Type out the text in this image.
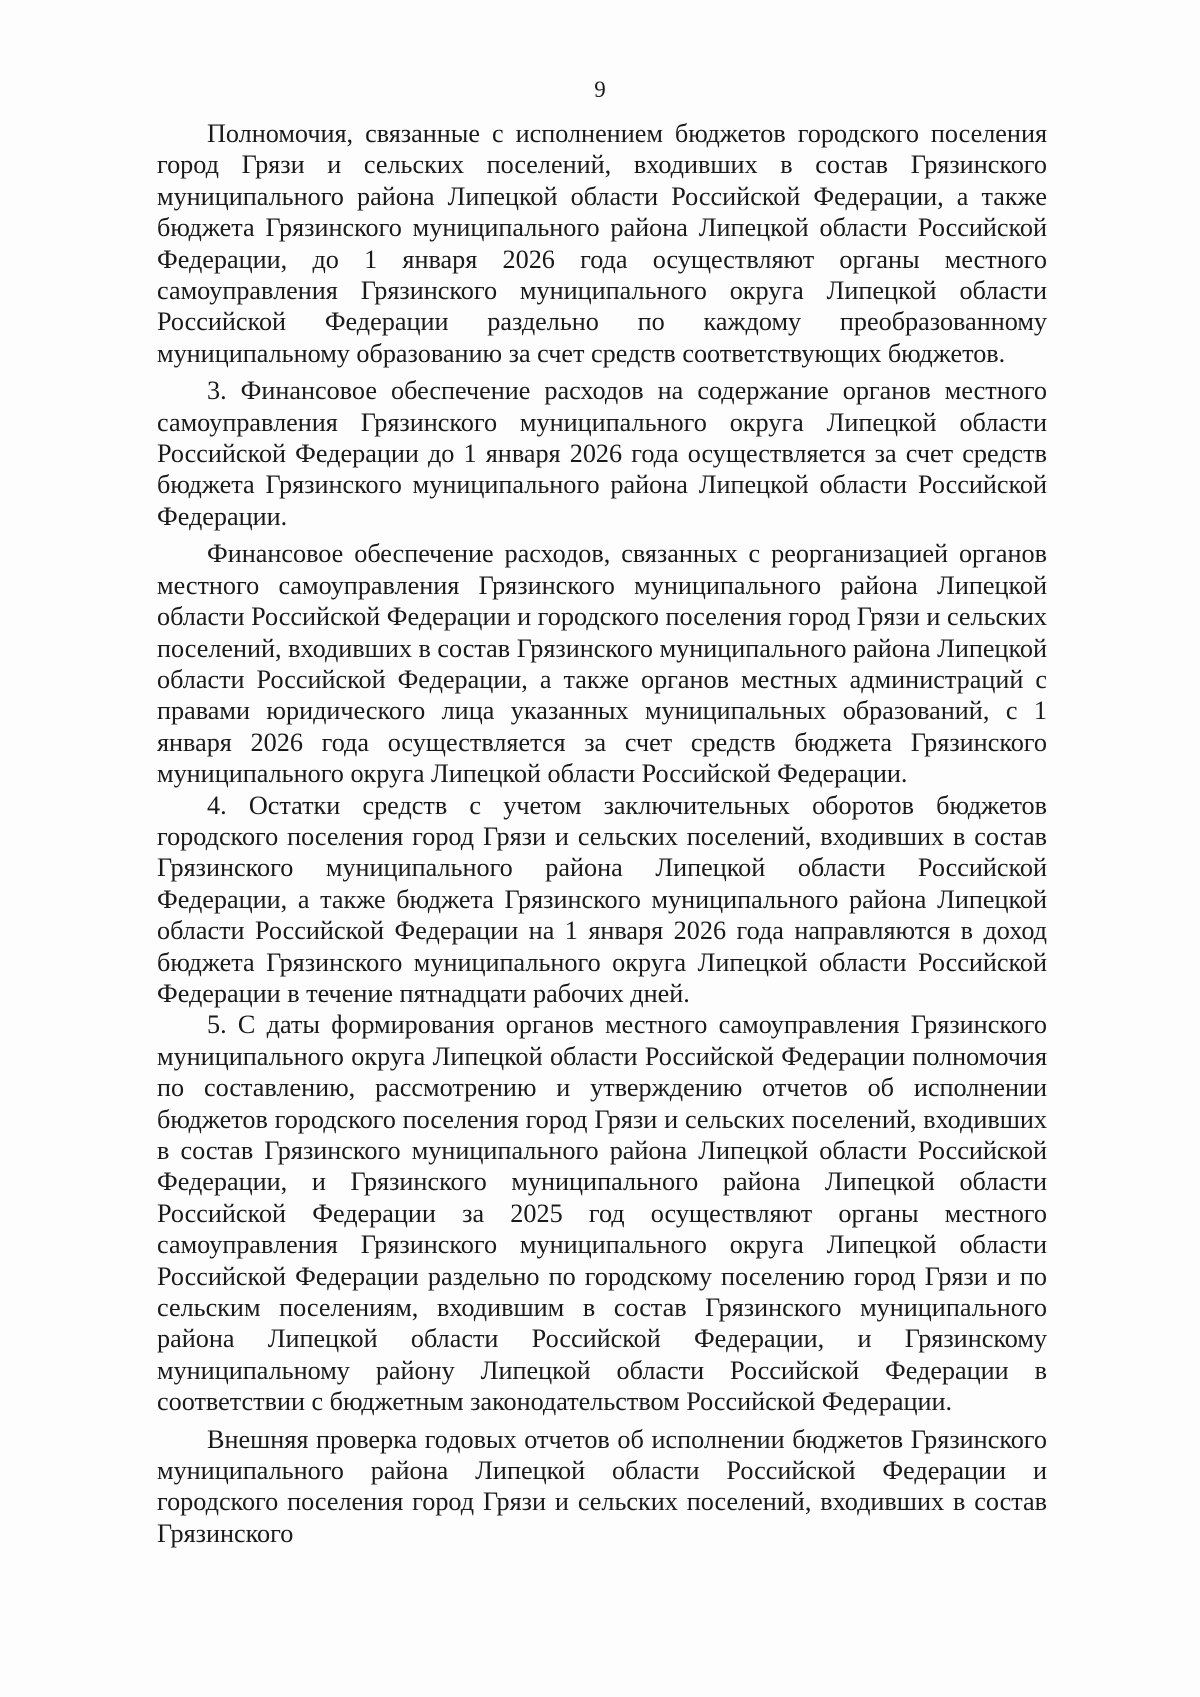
9

Полномочия, связанные с исполнением бюджетов городского поселения город Грязи и сельских поселений, входивших в состав Грязинского муниципального района Липецкой области Российской Федерации, а также бюджета Грязинского муниципального района Липецкой области Российской Федерации, до 1 января 2026 года осуществляют органы местного самоуправления Грязинского муниципального округа Липецкой области Российской Федерации раздельно по каждому преобразованному муниципальному образованию за счет средств соответствующих бюджетов.

3. Финансовое обеспечение расходов на содержание органов местного самоуправления Грязинского муниципального округа Липецкой области Российской Федерации до 1 января 2026 года осуществляется за счет средств бюджета Грязинского муниципального района Липецкой области Российской Федерации.

Финансовое обеспечение расходов, связанных с реорганизацией органов местного самоуправления Грязинского муниципального района Липецкой области Российской Федерации и городского поселения город Грязи и сельских поселений, входивших в состав Грязинского муниципального района Липецкой области Российской Федерации, а также органов местных администраций с правами юридического лица указанных муниципальных образований, с 1 января 2026 года осуществляется за счет средств бюджета Грязинского муниципального округа Липецкой области Российской Федерации.

4. Остатки средств с учетом заключительных оборотов бюджетов городского поселения город Грязи и сельских поселений, входивших в состав Грязинского муниципального района Липецкой области Российской Федерации, а также бюджета Грязинского муниципального района Липецкой области Российской Федерации на 1 января 2026 года направляются в доход бюджета Грязинского муниципального округа Липецкой области Российской Федерации в течение пятнадцати рабочих дней.

5. С даты формирования органов местного самоуправления Грязинского муниципального округа Липецкой области Российской Федерации полномочия по составлению, рассмотрению и утверждению отчетов об исполнении бюджетов городского поселения город Грязи и сельских поселений, входивших в состав Грязинского муниципального района Липецкой области Российской Федерации, и Грязинского муниципального района Липецкой области Российской Федерации за 2025 год осуществляют органы местного самоуправления Грязинского муниципального округа Липецкой области Российской Федерации раздельно по городскому поселению город Грязи и по сельским поселениям, входившим в состав Грязинского муниципального района Липецкой области Российской Федерации, и Грязинскому муниципальному району Липецкой области Российской Федерации в соответствии с бюджетным законодательством Российской Федерации.

Внешняя проверка годовых отчетов об исполнении бюджетов Грязинского муниципального района Липецкой области Российской Федерации и городского поселения город Грязи и сельских поселений, входивших в состав Грязинского
